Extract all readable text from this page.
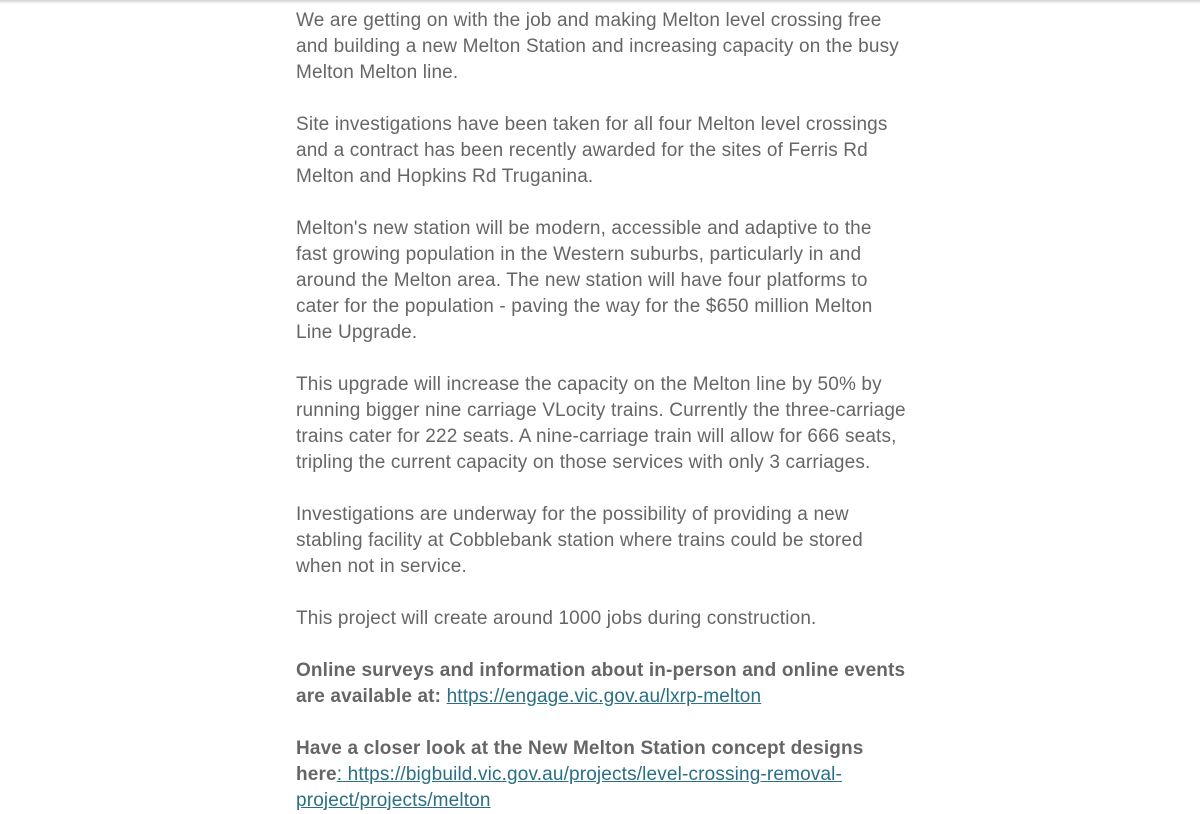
We are getting on with the job and making Melton level crossing free and building a new Melton Station and increasing capacity on the busy Melton Melton line.

Site investigations have been taken for all four Melton level crossings and a contract has been recently awarded for the sites of Ferris Rd Melton and Hopkins Rd Truganina.

Melton's new station will be modern, accessible and adaptive to the fast growing population in the Western suburbs, particularly in and around the Melton area. The new station will have four platforms to cater for the population - paving the way for the $650 million Melton Line Upgrade.

This upgrade will increase the capacity on the Melton line by 50% by running bigger nine carriage VLocity trains. Currently the three-carriage trains cater for 222 seats. A nine-carriage train will allow for 666 seats, tripling the current capacity on those services with only 3 carriages.

Investigations are underway for the possibility of providing a new stabling facility at Cobblebank station where trains could be stored when not in service.

This project will create around 1000 jobs during construction.

Online surveys and information about in-person and online events are available at: https://engage.vic.gov.au/lxrp-melton

Have a closer look at the New Melton Station concept designs here: https://bigbuild.vic.gov.au/projects/level-crossing-removal-project/projects/melton
